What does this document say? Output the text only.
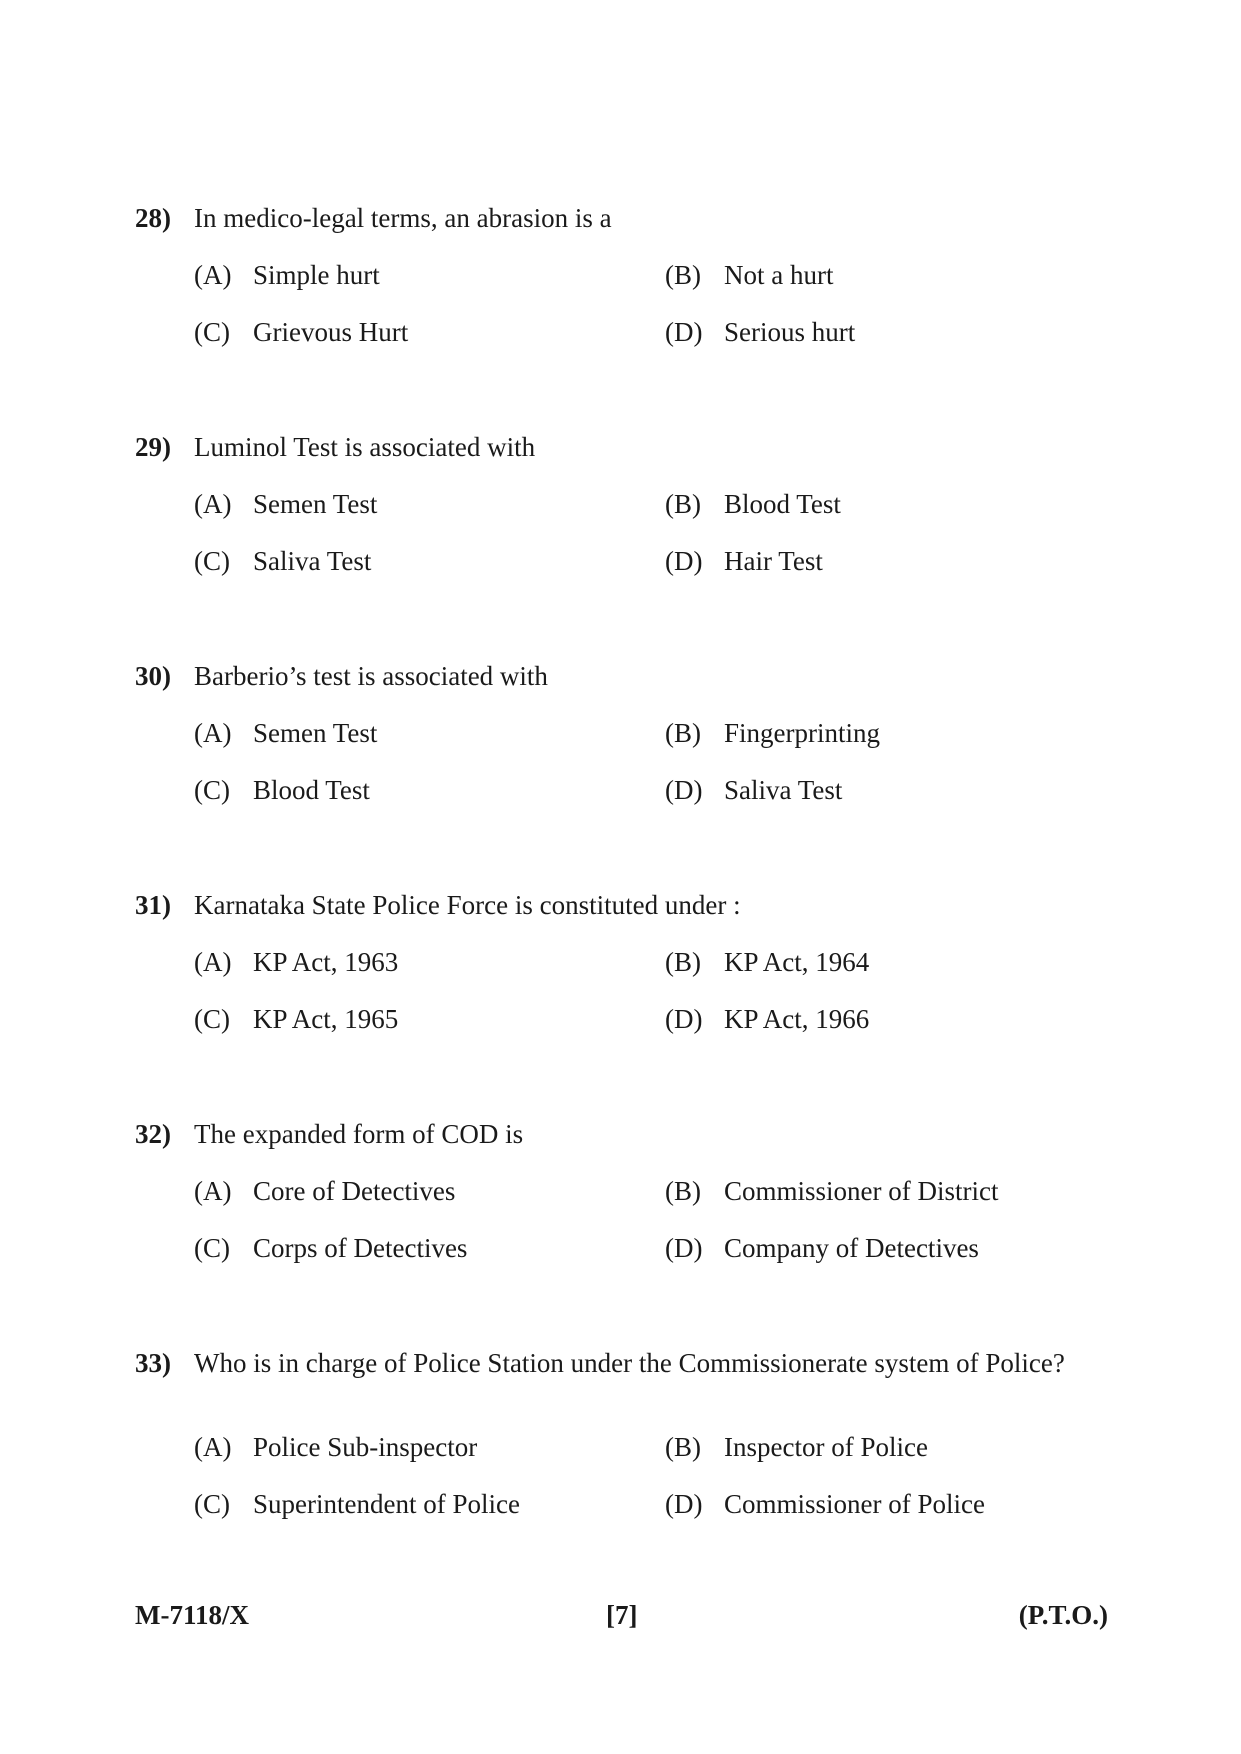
28) In medico-legal terms, an abrasion is a
(A) Simple hurt	(B) Not a hurt
(C) Grievous Hurt	(D) Serious hurt
29) Luminol Test is associated with
(A) Semen Test	(B) Blood Test
(C) Saliva Test	(D) Hair Test
30) Barberio’s test is associated with
(A) Semen Test	(B) Fingerprinting
(C) Blood Test	(D) Saliva Test
31) Karnataka State Police Force is constituted under :
(A) KP Act, 1963	(B) KP Act, 1964
(C) KP Act, 1965	(D) KP Act, 1966
32) The expanded form of COD is
(A) Core of Detectives	(B) Commissioner of District
(C) Corps of Detectives	(D) Company of Detectives
33) Who is in charge of Police Station under the Commissionerate system of Police?
(A) Police Sub-inspector	(B) Inspector of Police
(C) Superintendent of Police	(D) Commissioner of Police
M-7118/X	[7]	(P.T.O.)
